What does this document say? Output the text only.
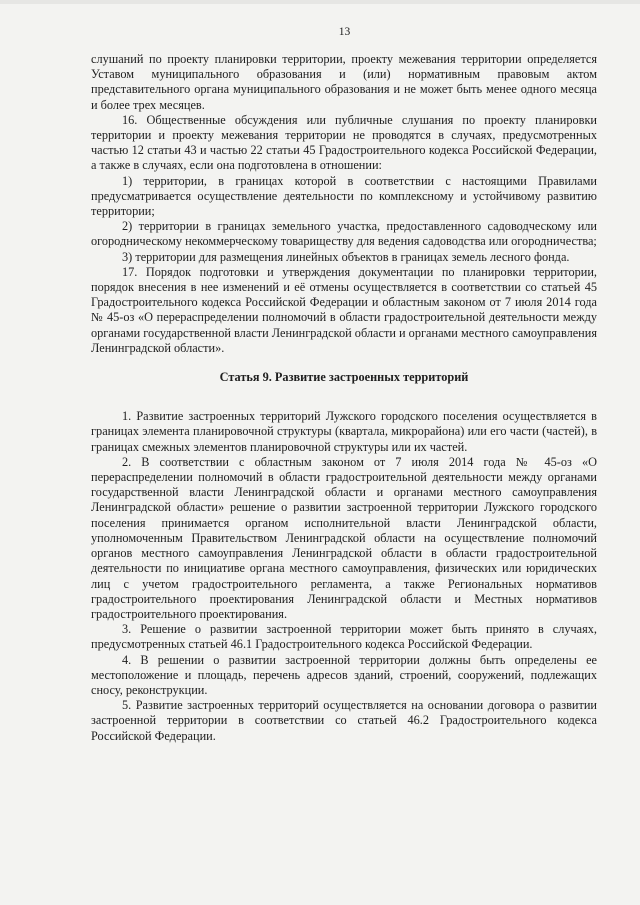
13

слушаний по проекту планировки территории, проекту межевания территории определяется Уставом муниципального образования и (или) нормативным правовым актом представительного органа муниципального образования и не может быть менее одного месяца и более трех месяцев.

16. Общественные обсуждения или публичные слушания по проекту планировки территории и проекту межевания территории не проводятся в случаях, предусмотренных частью 12 статьи 43 и частью 22 статьи 45 Градостроительного кодекса Российской Федерации, а также в случаях, если она подготовлена в отношении:

1) территории, в границах которой в соответствии с настоящими Правилами предусматривается осуществление деятельности по комплексному и устойчивому развитию территории;

2) территории в границах земельного участка, предоставленного садоводческому или огородническому некоммерческому товариществу для ведения садоводства или огородничества;

3) территории для размещения линейных объектов в границах земель лесного фонда.

17. Порядок подготовки и утверждения документации по планировки территории, порядок внесения в нее изменений и её отмены осуществляется в соответствии со статьей 45 Градостроительного кодекса Российской Федерации и областным законом от 7 июля 2014 года № 45-оз «О перераспределении полномочий в области градостроительной деятельности между органами государственной власти Ленинградской области и органами местного самоуправления Ленинградской области».

Статья 9. Развитие застроенных территорий

1. Развитие застроенных территорий Лужского городского поселения осуществляется в границах элемента планировочной структуры (квартала, микрорайона) или его части (частей), в границах смежных элементов планировочной структуры или их частей.

2. В соответствии с областным законом от 7 июля 2014 года № 45-оз «О перераспределении полномочий в области градостроительной деятельности между органами государственной власти Ленинградской области и органами местного самоуправления Ленинградской области» решение о развитии застроенной территории Лужского городского поселения принимается органом исполнительной власти Ленинградской области, уполномоченным Правительством Ленинградской области на осуществление полномочий органов местного самоуправления Ленинградской области в области градостроительной деятельности по инициативе органа местного самоуправления, физических или юридических лиц с учетом градостроительного регламента, а также Региональных нормативов градостроительного проектирования Ленинградской области и Местных нормативов градостроительного проектирования.

3. Решение о развитии застроенной территории может быть принято в случаях, предусмотренных статьей 46.1 Градостроительного кодекса Российской Федерации.

4. В решении о развитии застроенной территории должны быть определены ее местоположение и площадь, перечень адресов зданий, строений, сооружений, подлежащих сносу, реконструкции.

5. Развитие застроенных территорий осуществляется на основании договора о развитии застроенной территории в соответствии со статьей 46.2 Градостроительного кодекса Российской Федерации.
